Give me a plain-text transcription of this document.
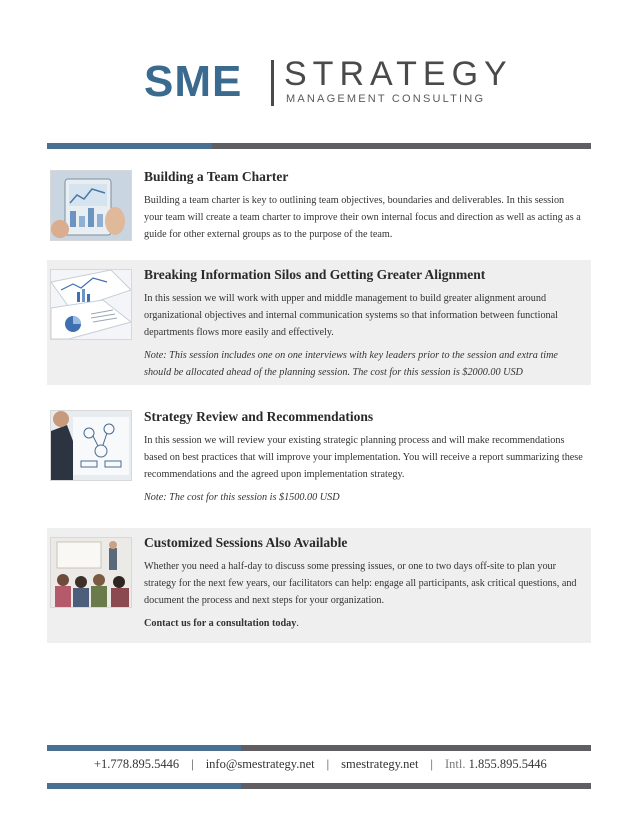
SME STRATEGY
MANAGEMENT CONSULTING
Building a Team Charter

Building a team charter is key to outlining team objectives, boundaries and deliverables. In this session your team will create a team charter to improve their own internal focus and direction as well as acting as a guide for other external groups as to the purpose of the team.

Breaking Information Silos and Getting Greater Alignment

In this session we will work with upper and middle management to build greater alignment around organizational objectives and internal communication systems so that information between functional departments flows more easily and effectively.

Note: This session includes one on one interviews with key leaders prior to the session and extra time should be allocated ahead of the planning session. The cost for this session is $2000.00 USD

Strategy Review and Recommendations

In this session we will review your existing strategic planning process and will make recommendations based on best practices that will improve your implementation. You will receive a report summarizing these recommendations and the agreed upon implementation strategy.

Note: The cost for this session is $1500.00 USD

Customized Sessions Also Available

Whether you need a half-day to discuss some pressing issues, or one to two days off-site to plan your strategy for the next few years, our facilitators can help: engage all participants, ask critical questions, and document the process and next steps for your organization.

Contact us for a consultation today.

+1.778.895.5446 | info@smestrategy.net | smestrategy.net | Intl. 1.855.895.5446
